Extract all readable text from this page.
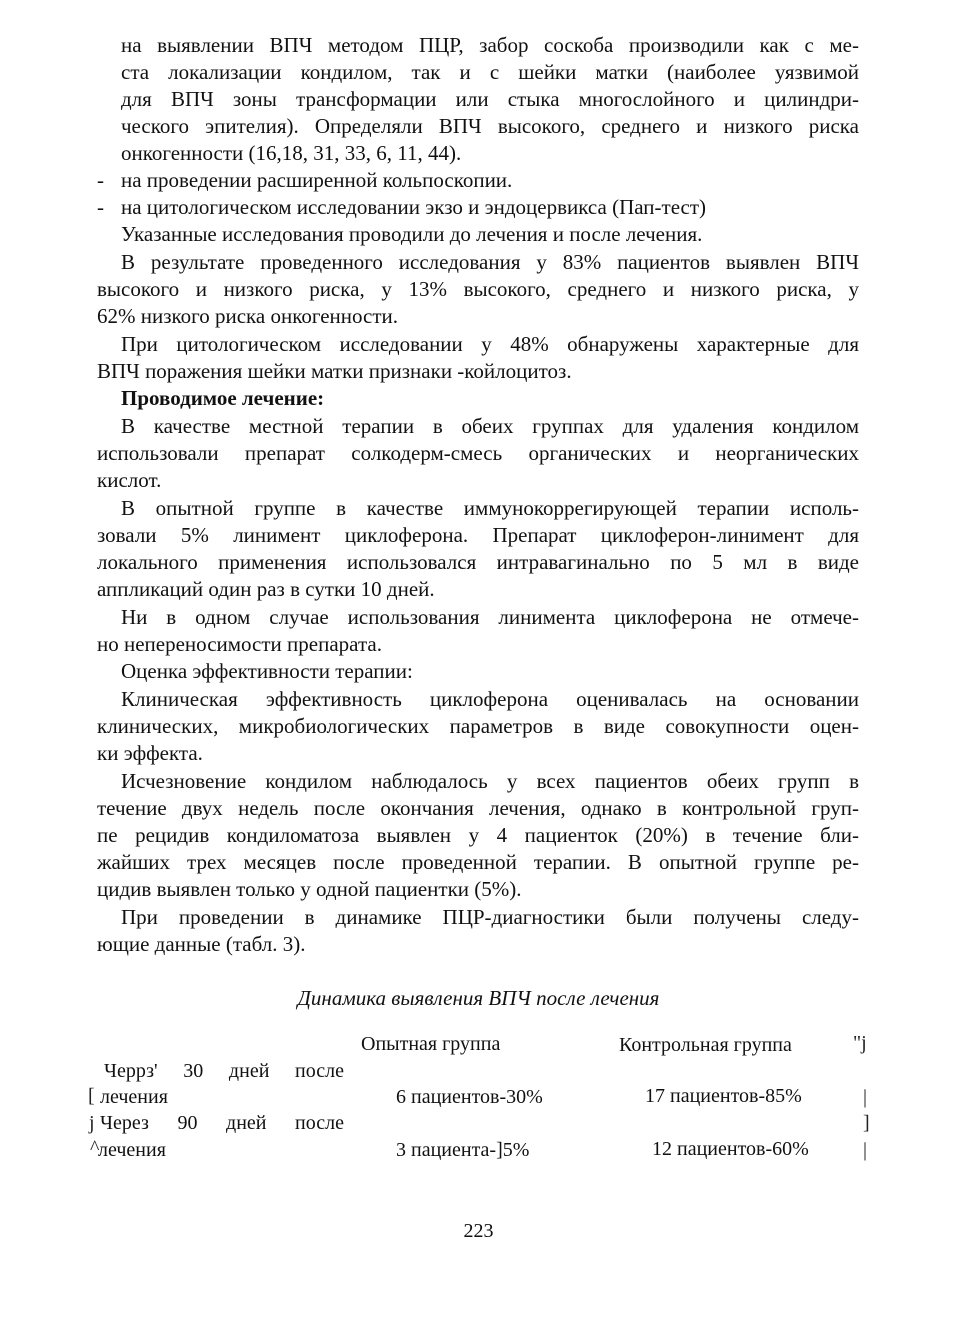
на выявлении ВПЧ методом ПЦР, забор соскоба производили как с ме-
ста локализации кондилом, так и с шейки матки (наиболее уязвимой
для ВПЧ зоны трансформации или стыка многослойного и цилиндри-
ческого эпителия). Определяли ВПЧ высокого, среднего и низкого риска
онкогенности (16,18, 31, 33, 6, 11, 44).
- на проведении расширенной кольпоскопии.
- на цитологическом исследовании экзо и эндоцервикса (Пап-тест)
Указанные исследования проводили до лечения и после лечения.
В результате проведенного исследования у 83% пациентов выявлен ВПЧ
высокого и низкого риска, у 13% высокого, среднего и низкого риска, у
62% низкого риска онкогенности.
При цитологическом исследовании у 48% обнаружены характерные для
ВПЧ поражения шейки матки признаки -койлоцитоз.
Проводимое лечение:
В качестве местной терапии в обеих группах для удаления кондилом
использовали препарат солкодерм-смесь органических и неорганических
кислот.
В опытной группе в качестве иммунокоррегирующей терапии исполь-
зовали 5% линимент циклоферона. Препарат циклоферон-линимент для
локального применения использовался интравагинально по 5 мл в виде
аппликаций один раз в сутки 10 дней.
Ни в одном случае использования линимента циклоферона не отмече-
но непереносимости препарата.
Оценка эффективности терапии:
Клиническая эффективность циклоферона оценивалась на основании
клинических, микробиологических параметров в виде совокупности оцен-
ки эффекта.
Исчезновение кондилом наблюдалось у всех пациентов обеих групп в
течение двух недель после окончания лечения, однако в контрольной груп-
пе рецидив кондиломатоза выявлен у 4 пациенток (20%) в течение бли-
жайших трех месяцев после проведенной терапии. В опытной группе ре-
цидив выявлен только у одной пациентки (5%).
При проведении в динамике ПЦР-диагностики были получены следу-
ющие данные (табл. 3).
Динамика выявления ВПЧ после лечения
Опытная группа	Контрольная группа
Черрз' 30 дней после
лечения	6 пациентов-30%	17 пациентов-85%
Через 90 дней после
лечения	3 пациента-]5%	12 пациентов-60%
"j
[	|
j	]
^	|
223
